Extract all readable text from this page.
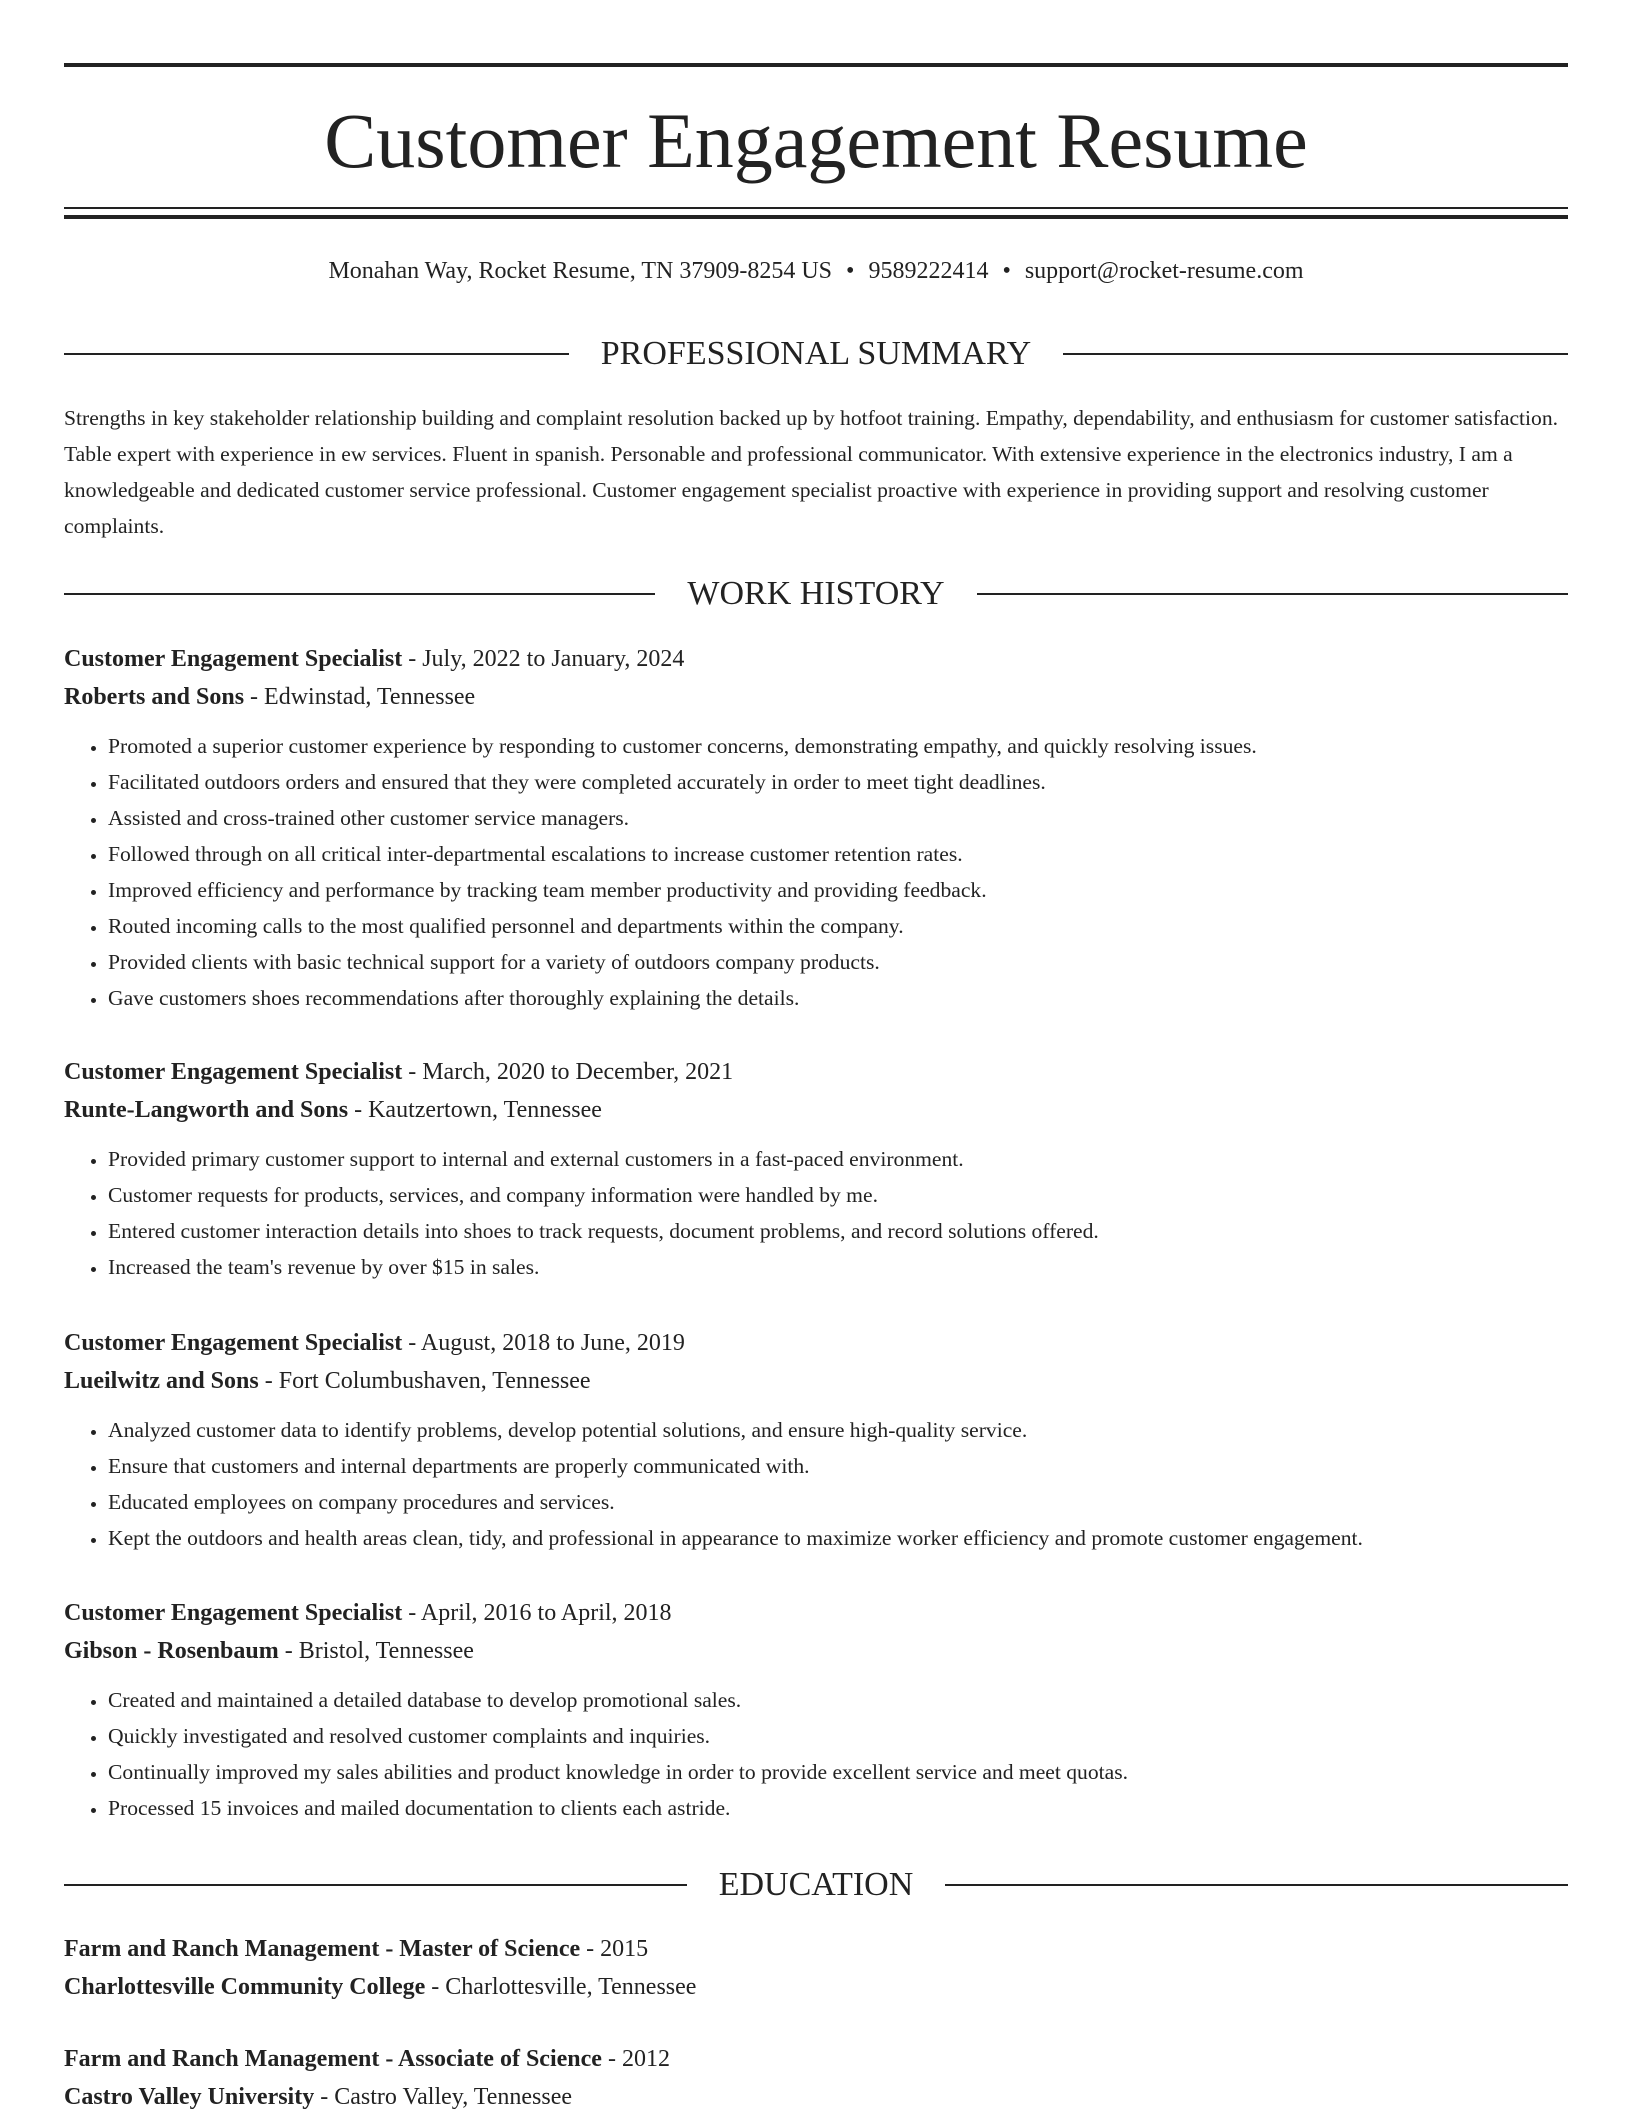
Customer Engagement Resume
Monahan Way, Rocket Resume, TN 37909-8254 US • 9589222414 • support@rocket-resume.com
PROFESSIONAL SUMMARY

Strengths in key stakeholder relationship building and complaint resolution backed up by hotfoot training. Empathy, dependability, and enthusiasm for customer satisfaction. Table expert with experience in ew services. Fluent in spanish. Personable and professional communicator. With extensive experience in the electronics industry, I am a knowledgeable and dedicated customer service professional. Customer engagement specialist proactive with experience in providing support and resolving customer complaints.

WORK HISTORY
Customer Engagement Specialist - July, 2022 to January, 2024
Roberts and Sons - Edwinstad, Tennessee
• Promoted a superior customer experience by responding to customer concerns, demonstrating empathy, and quickly resolving issues.
• Facilitated outdoors orders and ensured that they were completed accurately in order to meet tight deadlines.
• Assisted and cross-trained other customer service managers.
• Followed through on all critical inter-departmental escalations to increase customer retention rates.
• Improved efficiency and performance by tracking team member productivity and providing feedback.
• Routed incoming calls to the most qualified personnel and departments within the company.
• Provided clients with basic technical support for a variety of outdoors company products.
• Gave customers shoes recommendations after thoroughly explaining the details.
Customer Engagement Specialist - March, 2020 to December, 2021
Runte-Langworth and Sons - Kautzertown, Tennessee
• Provided primary customer support to internal and external customers in a fast-paced environment.
• Customer requests for products, services, and company information were handled by me.
• Entered customer interaction details into shoes to track requests, document problems, and record solutions offered.
• Increased the team's revenue by over $15 in sales.
Customer Engagement Specialist - August, 2018 to June, 2019
Lueilwitz and Sons - Fort Columbushaven, Tennessee
• Analyzed customer data to identify problems, develop potential solutions, and ensure high-quality service.
• Ensure that customers and internal departments are properly communicated with.
• Educated employees on company procedures and services.
• Kept the outdoors and health areas clean, tidy, and professional in appearance to maximize worker efficiency and promote customer engagement.
Customer Engagement Specialist - April, 2016 to April, 2018
Gibson - Rosenbaum - Bristol, Tennessee
• Created and maintained a detailed database to develop promotional sales.
• Quickly investigated and resolved customer complaints and inquiries.
• Continually improved my sales abilities and product knowledge in order to provide excellent service and meet quotas.
• Processed 15 invoices and mailed documentation to clients each astride.
EDUCATION
Farm and Ranch Management - Master of Science - 2015
Charlottesville Community College - Charlottesville, Tennessee
Farm and Ranch Management - Associate of Science - 2012
Castro Valley University - Castro Valley, Tennessee
